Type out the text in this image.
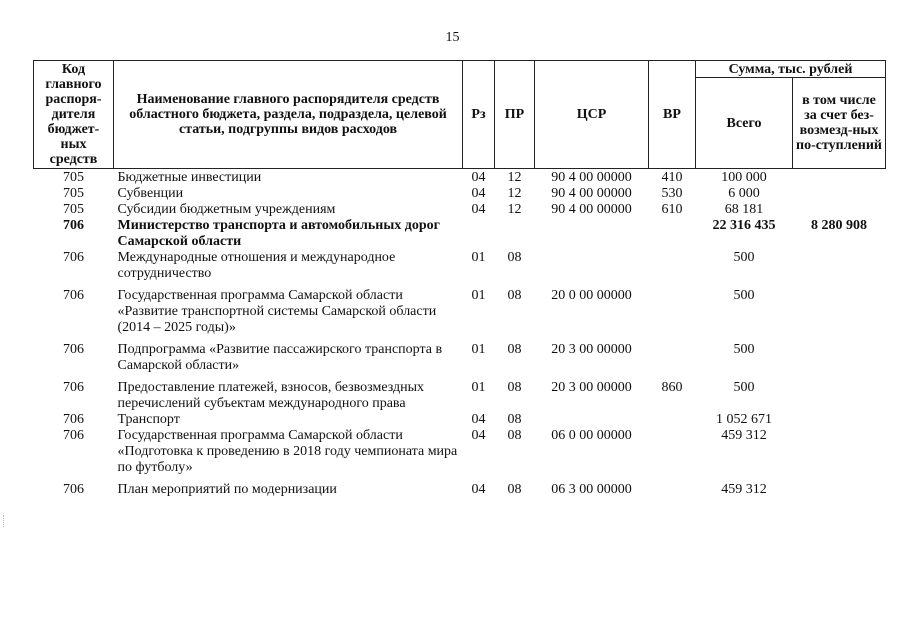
15
Код главного распоря-дителя бюджет-ных средств	Наименование главного распорядителя средств областного бюджета, раздела, подраздела, целевой статьи, подгруппы видов расходов	Рз	ПР	ЦСР	ВР	Сумма, тыс. рублей	
						Всего	в том числе за счет без-возмезд-ных по-ступлений
705	Бюджетные инвестиции	04	12	90 4 00 00000	410	100 000	
705	Субвенции	04	12	90 4 00 00000	530	6 000	
705	Субсидии бюджетным учреждениям	04	12	90 4 00 00000	610	68 181	
706	Министерство транспорта и автомобильных дорог Самарской области					22 316 435	8 280 908
706	Международные отношения и международное сотрудничество	01	08			500	
706	Государственная программа Самарской области «Развитие транспортной системы Самарской области (2014 – 2025 годы)»	01	08	20 0 00 00000		500	
706	Подпрограмма «Развитие пассажирского транспорта в Самарской области»	01	08	20 3 00 00000		500	
706	Предоставление платежей, взносов, безвозмездных перечислений субъектам международного права	01	08	20 3 00 00000	860	500	
706	Транспорт	04	08			1 052 671	
706	Государственная программа Самарской области «Подготовка к проведению в 2018 году чемпионата мира по футболу»	04	08	06 0 00 00000		459 312	
706	План мероприятий по модернизации	04	08	06 3 00 00000		459 312	
